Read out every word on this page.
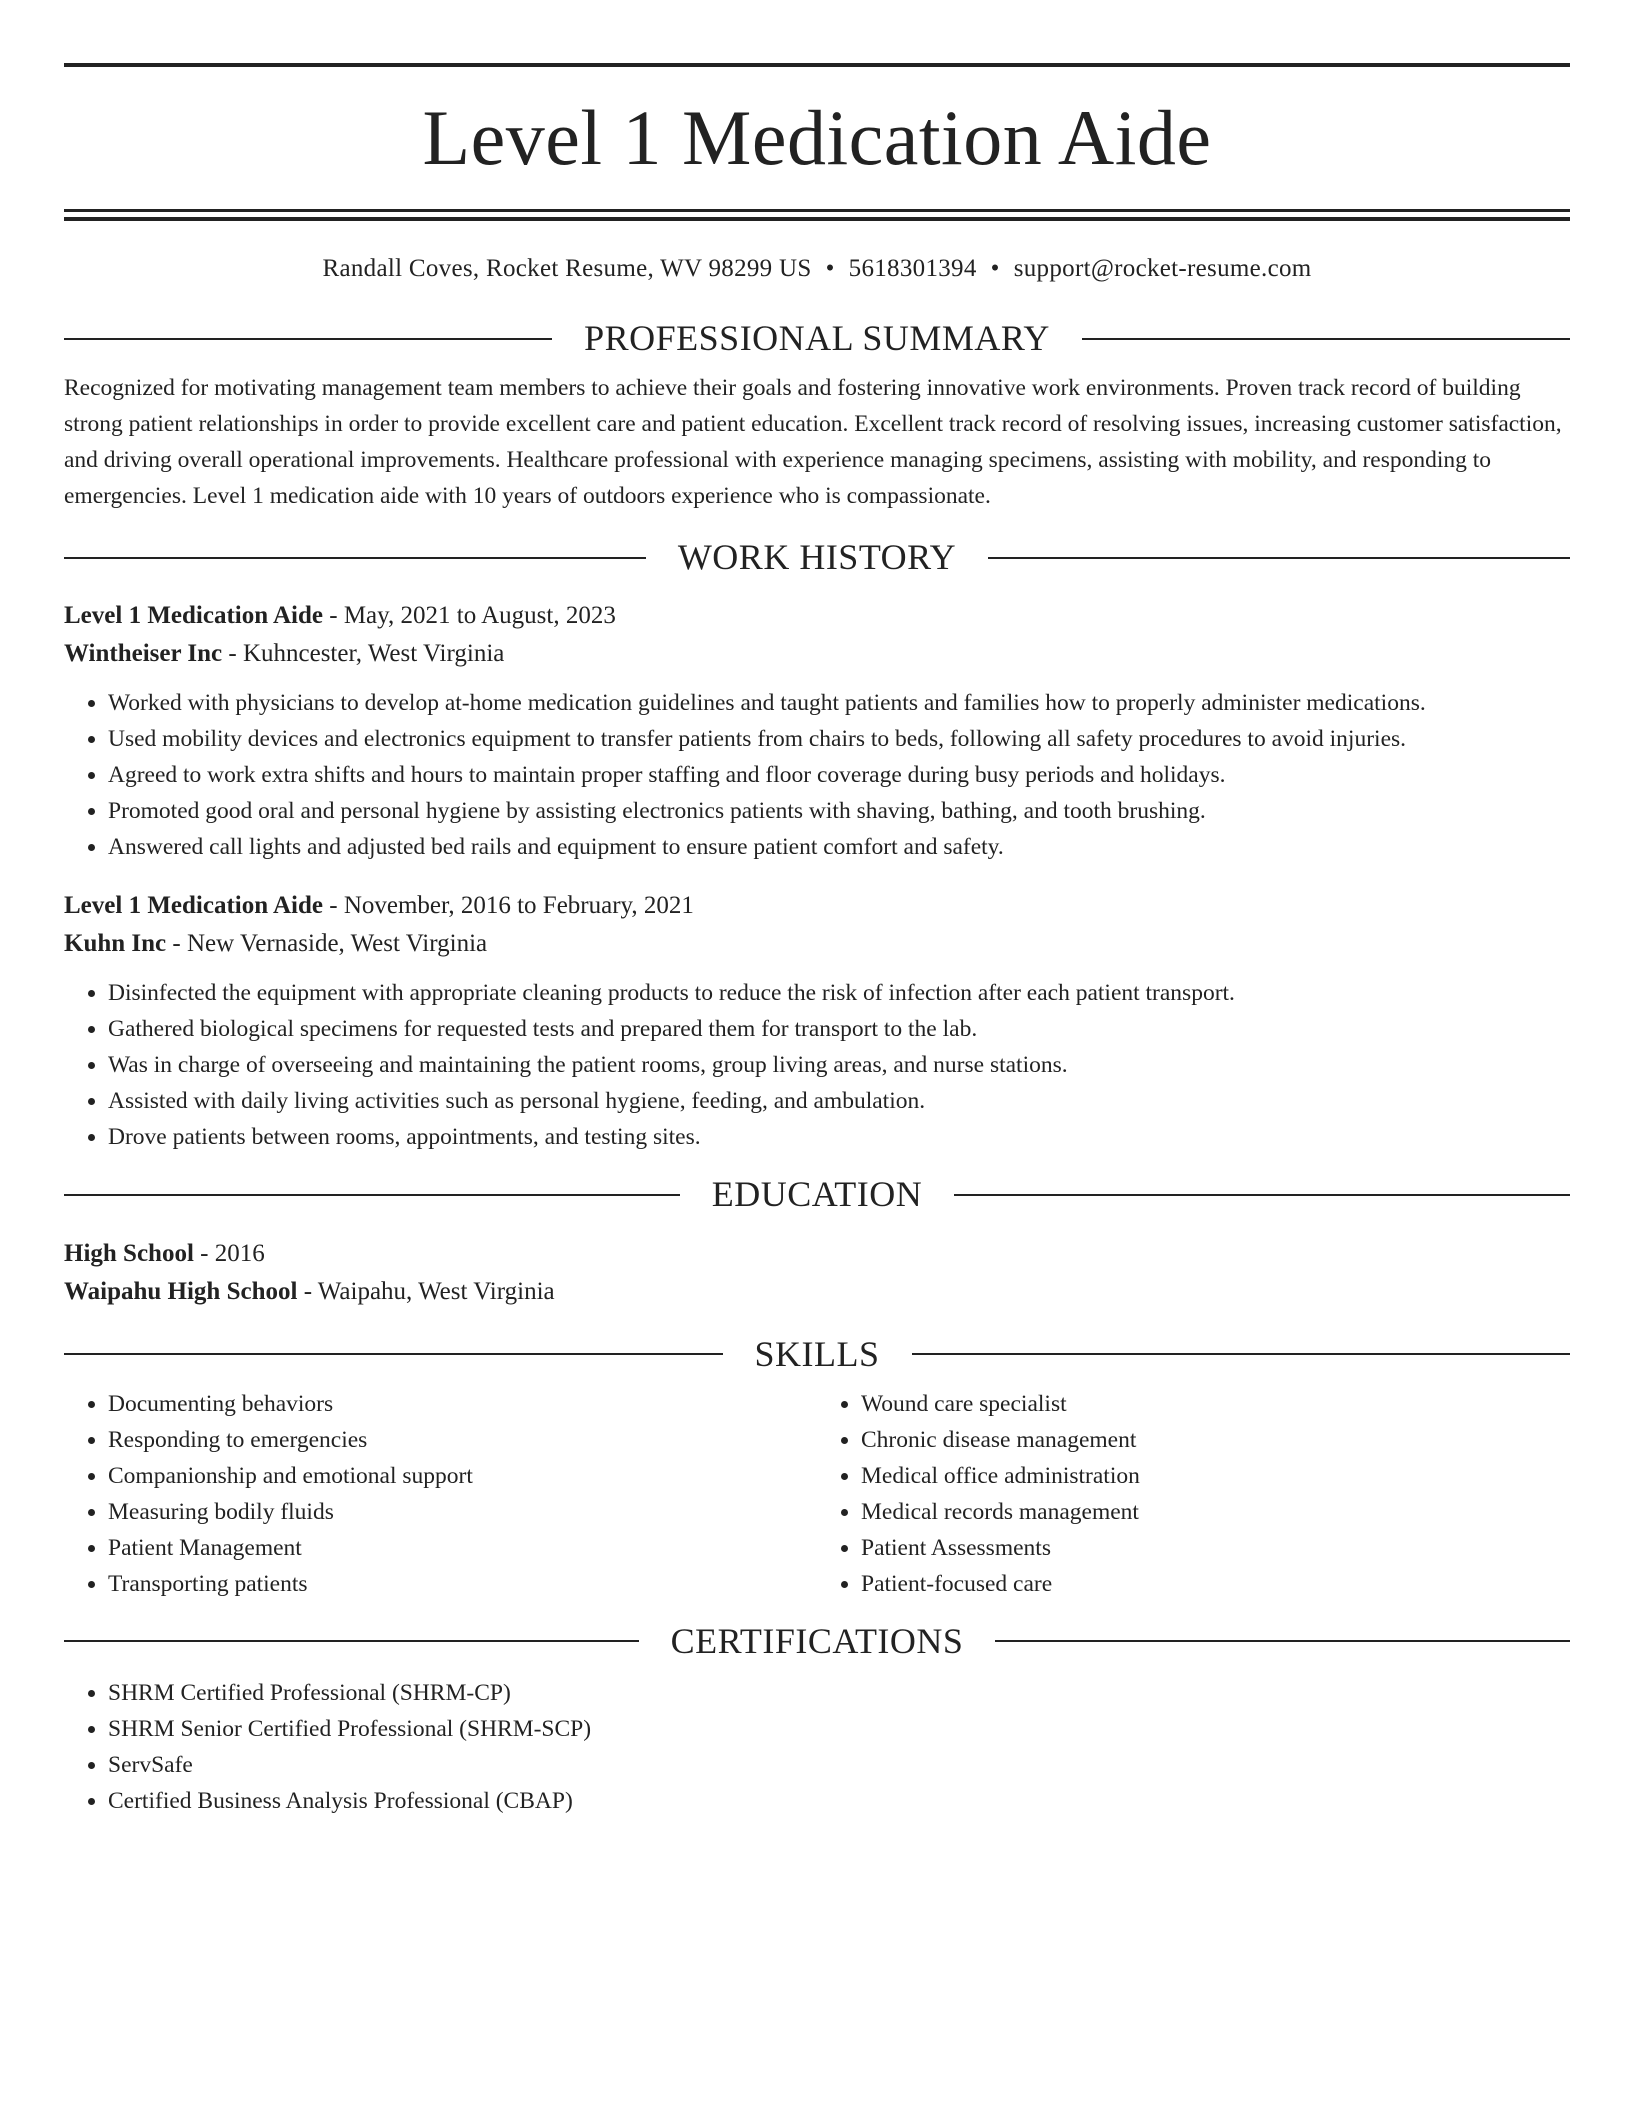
Level 1 Medication Aide
Randall Coves, Rocket Resume, WV 98299 US • 5618301394 • support@rocket-resume.com
PROFESSIONAL SUMMARY

Recognized for motivating management team members to achieve their goals and fostering innovative work environments. Proven track record of building strong patient relationships in order to provide excellent care and patient education. Excellent track record of resolving issues, increasing customer satisfaction, and driving overall operational improvements. Healthcare professional with experience managing specimens, assisting with mobility, and responding to emergencies. Level 1 medication aide with 10 years of outdoors experience who is compassionate.

WORK HISTORY
Level 1 Medication Aide - May, 2021 to August, 2023
Wintheiser Inc - Kuhncester, West Virginia
• Worked with physicians to develop at-home medication guidelines and taught patients and families how to properly administer medications.
• Used mobility devices and electronics equipment to transfer patients from chairs to beds, following all safety procedures to avoid injuries.
• Agreed to work extra shifts and hours to maintain proper staffing and floor coverage during busy periods and holidays.
• Promoted good oral and personal hygiene by assisting electronics patients with shaving, bathing, and tooth brushing.
• Answered call lights and adjusted bed rails and equipment to ensure patient comfort and safety.
Level 1 Medication Aide - November, 2016 to February, 2021
Kuhn Inc - New Vernaside, West Virginia
• Disinfected the equipment with appropriate cleaning products to reduce the risk of infection after each patient transport.
• Gathered biological specimens for requested tests and prepared them for transport to the lab.
• Was in charge of overseeing and maintaining the patient rooms, group living areas, and nurse stations.
• Assisted with daily living activities such as personal hygiene, feeding, and ambulation.
• Drove patients between rooms, appointments, and testing sites.
EDUCATION
High School - 2016
Waipahu High School - Waipahu, West Virginia
SKILLS
• Documenting behaviors
• Responding to emergencies
• Companionship and emotional support
• Measuring bodily fluids
• Patient Management
• Transporting patients
• Wound care specialist
• Chronic disease management
• Medical office administration
• Medical records management
• Patient Assessments
• Patient-focused care
CERTIFICATIONS
• SHRM Certified Professional (SHRM-CP)
• SHRM Senior Certified Professional (SHRM-SCP)
• ServSafe
• Certified Business Analysis Professional (CBAP)
